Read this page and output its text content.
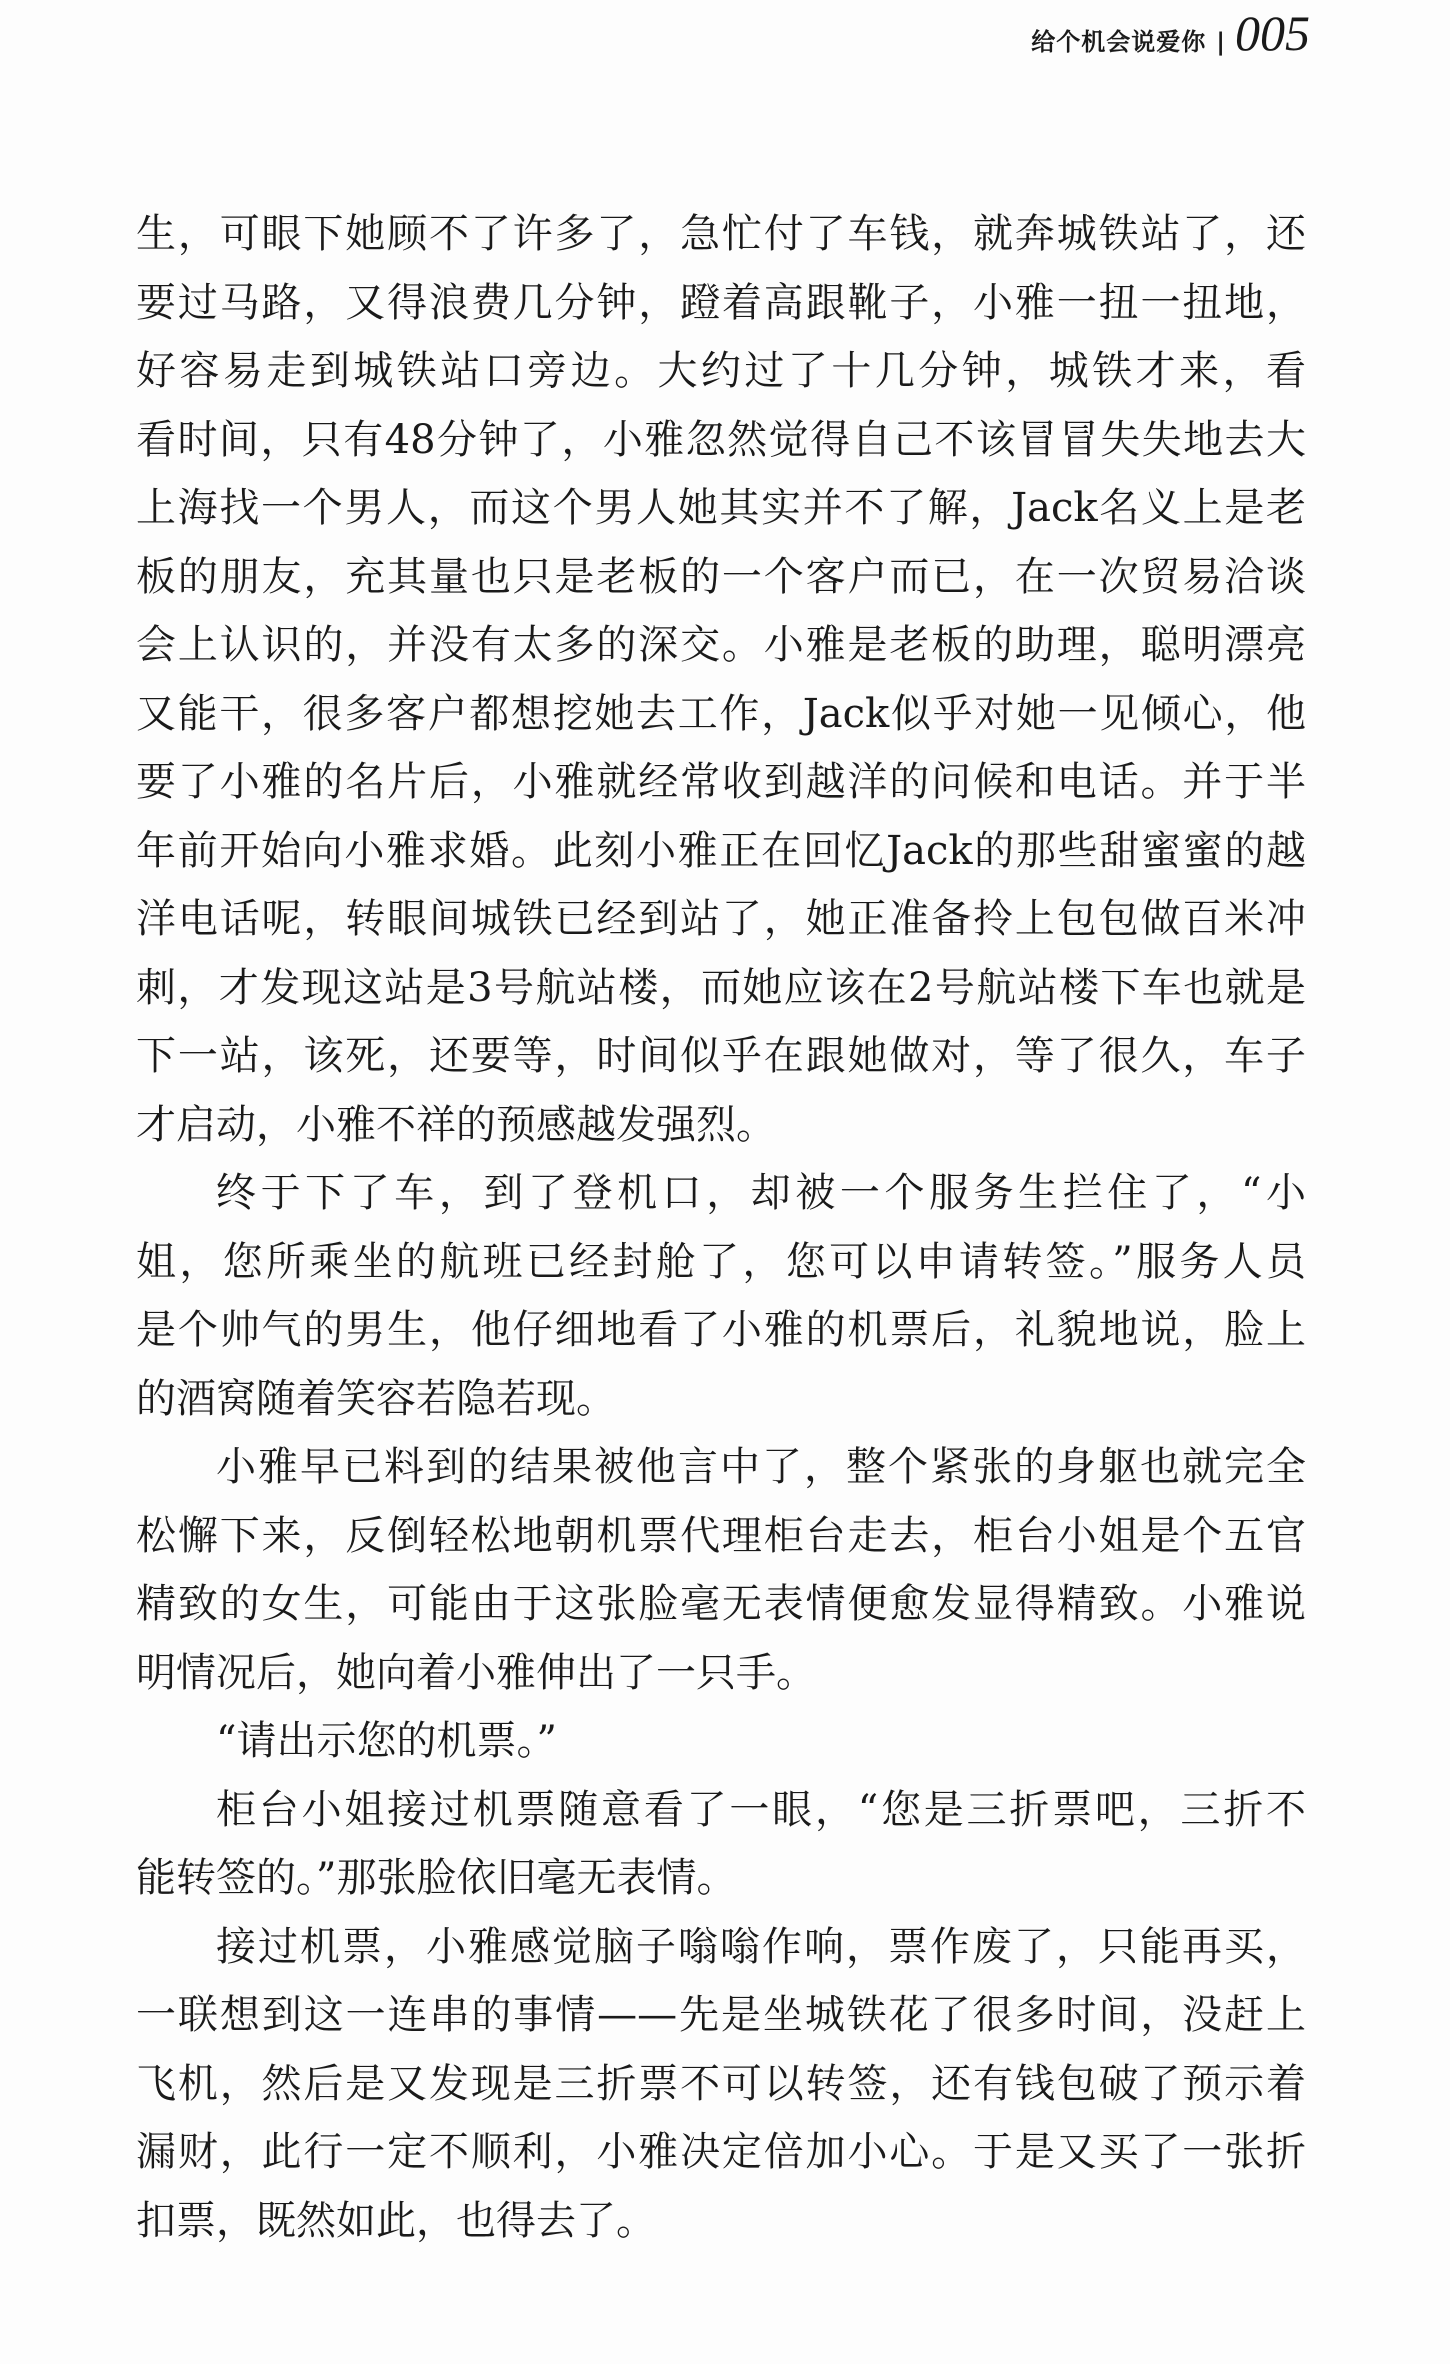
给个机会说爱你 | 005
生，可眼下她顾不了许多了，急忙付了车钱，就奔城铁站了，还
要过马路，又得浪费几分钟，蹬着高跟靴子，小雅一扭一扭地，
好容易走到城铁站口旁边。大约过了十几分钟，城铁才来，看
看时间，只有48分钟了，小雅忽然觉得自己不该冒冒失失地去大
上海找一个男人，而这个男人她其实并不了解，Jack名义上是老
板的朋友，充其量也只是老板的一个客户而已，在一次贸易洽谈
会上认识的，并没有太多的深交。小雅是老板的助理，聪明漂亮
又能干，很多客户都想挖她去工作，Jack似乎对她一见倾心，他
要了小雅的名片后，小雅就经常收到越洋的问候和电话。并于半
年前开始向小雅求婚。此刻小雅正在回忆Jack的那些甜蜜蜜的越
洋电话呢，转眼间城铁已经到站了，她正准备拎上包包做百米冲
刺，才发现这站是3号航站楼，而她应该在2号航站楼下车也就是
下一站，该死，还要等，时间似乎在跟她做对，等了很久，车子
才启动，小雅不祥的预感越发强烈。
终于下了车，到了登机口，却被一个服务生拦住了，“小
姐，您所乘坐的航班已经封舱了，您可以申请转签。”服务人员
是个帅气的男生，他仔细地看了小雅的机票后，礼貌地说，脸上
的酒窝随着笑容若隐若现。
小雅早已料到的结果被他言中了，整个紧张的身躯也就完全
松懈下来，反倒轻松地朝机票代理柜台走去，柜台小姐是个五官
精致的女生，可能由于这张脸毫无表情便愈发显得精致。小雅说
明情况后，她向着小雅伸出了一只手。
“请出示您的机票。”
柜台小姐接过机票随意看了一眼，“您是三折票吧，三折不
能转签的。”那张脸依旧毫无表情。
接过机票，小雅感觉脑子嗡嗡作响，票作废了，只能再买，
一联想到这一连串的事情——先是坐城铁花了很多时间，没赶上
飞机，然后是又发现是三折票不可以转签，还有钱包破了预示着
漏财，此行一定不顺利，小雅决定倍加小心。于是又买了一张折
扣票，既然如此，也得去了。
